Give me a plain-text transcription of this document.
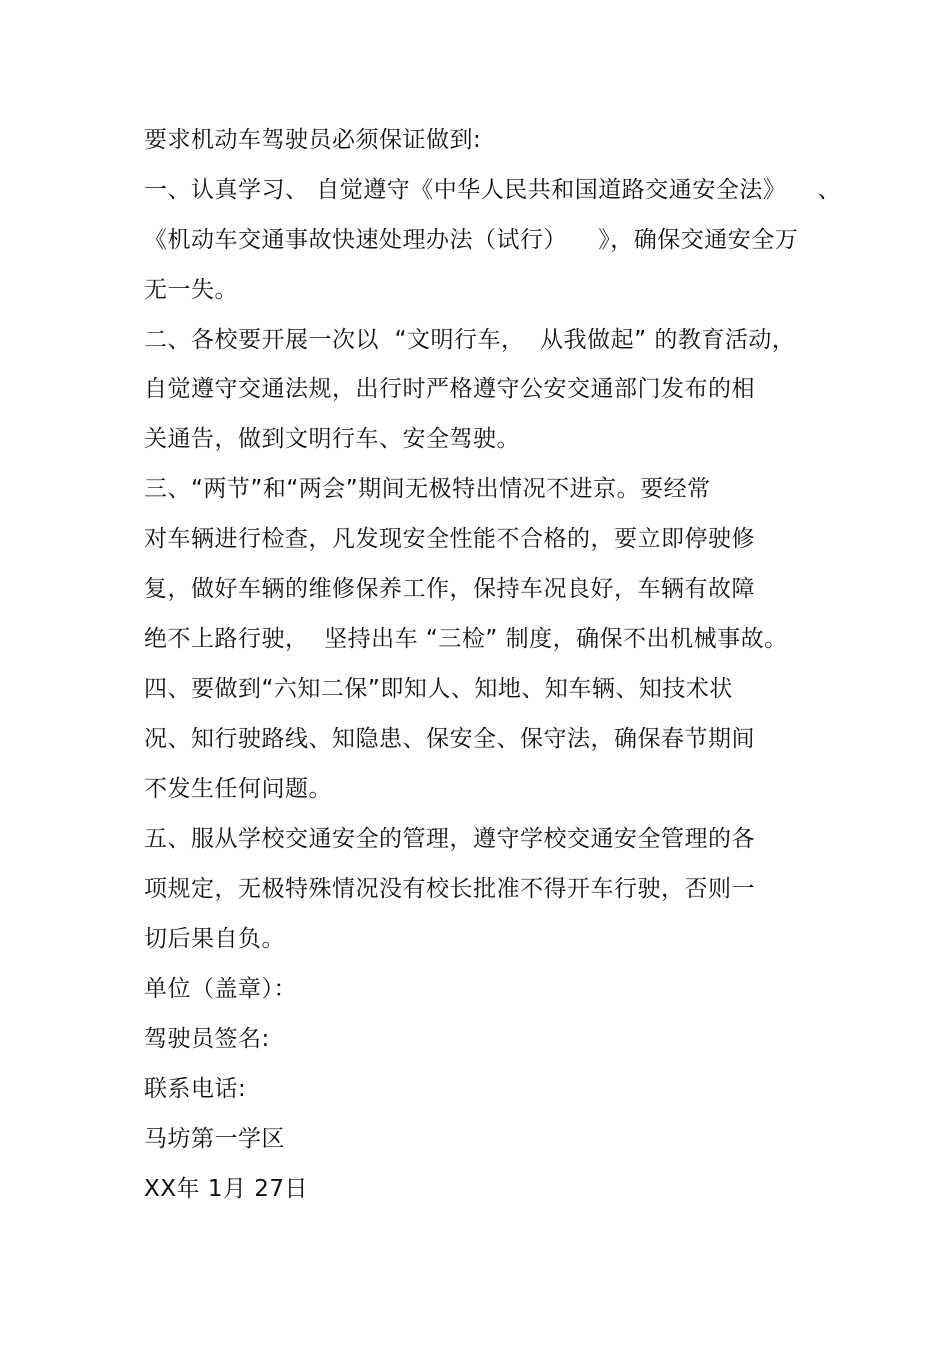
要求机动车驾驶员必须保证做到:
一、认真学习、 自觉遵守《中华人民共和国道路交通安全法》    、
《机动车交通事故快速处理办法（试行）    》，确保交通安全万
无一失。
二、各校要开展一次以  “文明行车，  从我做起” 的教育活动，
自觉遵守交通法规，出行时严格遵守公安交通部门发布的相
关通告，做到文明行车、安全驾驶。
三、“两节”和“两会”期间无极特出情况不进京。要经常
对车辆进行检查，凡发现安全性能不合格的，要立即停驶修
复，做好车辆的维修保养工作，保持车况良好，车辆有故障
绝不上路行驶，  坚持出车 “三检” 制度，确保不出机械事故。
四、要做到“六知二保”即知人、知地、知车辆、知技术状
况、知行驶路线、知隐患、保安全、保守法，确保春节期间
不发生任何问题。
五、服从学校交通安全的管理，遵守学校交通安全管理的各
项规定，无极特殊情况没有校长批准不得开车行驶，否则一
切后果自负。
单位（盖章）：
驾驶员签名:
联系电话:
马坊第一学区
XX年 1月 27日
